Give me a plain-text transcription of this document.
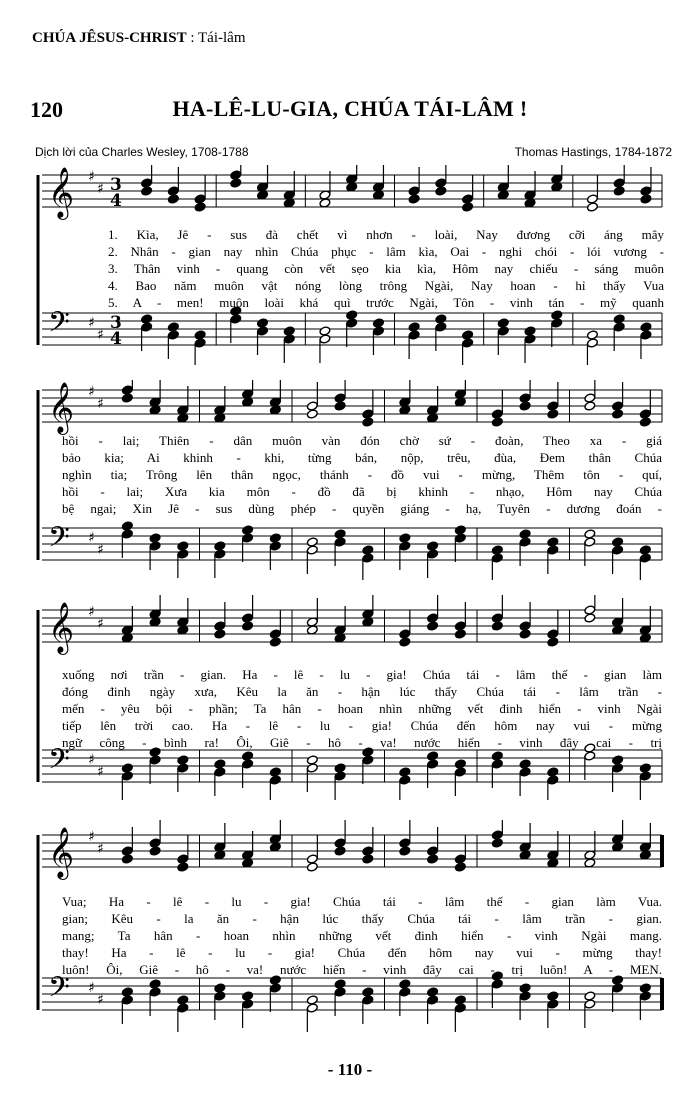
CHÚA JÊSUS-CHRIST : Tái-lâm
120	HA-LÊ-LU-GIA, CHÚA TÁI-LÂM !
Dịch lời của Charles Wesley, 1708-1788	Thomas Hastings, 1784-1872
𝄞 ♯
♯ 3
4
𝄢 ♯
♯
3
4
1. Kìa, Jê - sus đà chết vì nhơn - loài, Nay đương cỡi áng mây
2. Nhân - gian nay nhìn Chúa phục - lâm kìa, Oai - nghi chói - lói vương -
3. Thân vinh - quang còn vết sẹo kia kìa, Hôm nay chiếu - sáng muôn
4. Bao năm muôn vật nóng lòng trông Ngài, Nay hoan - hỉ thấy Vua
5. A - men! muôn loài khá quì trước Ngài, Tôn - vinh tán - mỹ quanh
𝄞 ♯
♯
𝄢 ♯
♯
hồi - lai; Thiên - dân muôn vàn đón chờ sứ - đoàn, Theo xa - giá
bảo kia; Ai khinh - khi, từng bán, nộp, trêu, đùa, Đem thân Chúa
nghìn tia; Trông lên thân ngọc, thánh - đồ vui - mừng, Thêm tôn - quí,
hồi - lai; Xưa kia môn - đồ đã bị khinh - nhạo, Hôm nay Chúa
bệ ngai; Xin Jê - sus dùng phép - quyền giáng - hạ, Tuyên - dương đoán -
𝄞 ♯
♯
𝄢 ♯
♯
xuống nơi trần - gian. Ha - lê - lu - gia! Chúa tái - lâm thế - gian làm
đóng đinh ngày xưa, Kêu la ăn - hận lúc thấy Chúa tái - lâm trần -
mến - yêu bội - phần; Ta hân - hoan nhìn những vết đinh hiển - vinh Ngài
tiếp lên trời cao. Ha - lê - lu - gia! Chúa đến hôm nay vui - mừng
ngữ công - bình ra! Ôi, Giê - hô - va! nước hiển - vinh đây cai - trị
𝄞 ♯
♯
𝄢 ♯
♯
Vua; Ha - lê - lu - gia! Chúa tái - lâm thế - gian làm Vua.
gian; Kêu - la ăn - hận lúc thấy Chúa tái - lâm trần - gian.
mang; Ta hân - hoan nhìn những vết đinh hiển - vinh Ngài mang.
thay! Ha - lê - lu - gia! Chúa đến hôm nay vui - mừng thay!
luôn! Ôi, Giê - hô - va! nước hiển - vinh đây cai - trị luôn! A - MEN.
- 110 -
